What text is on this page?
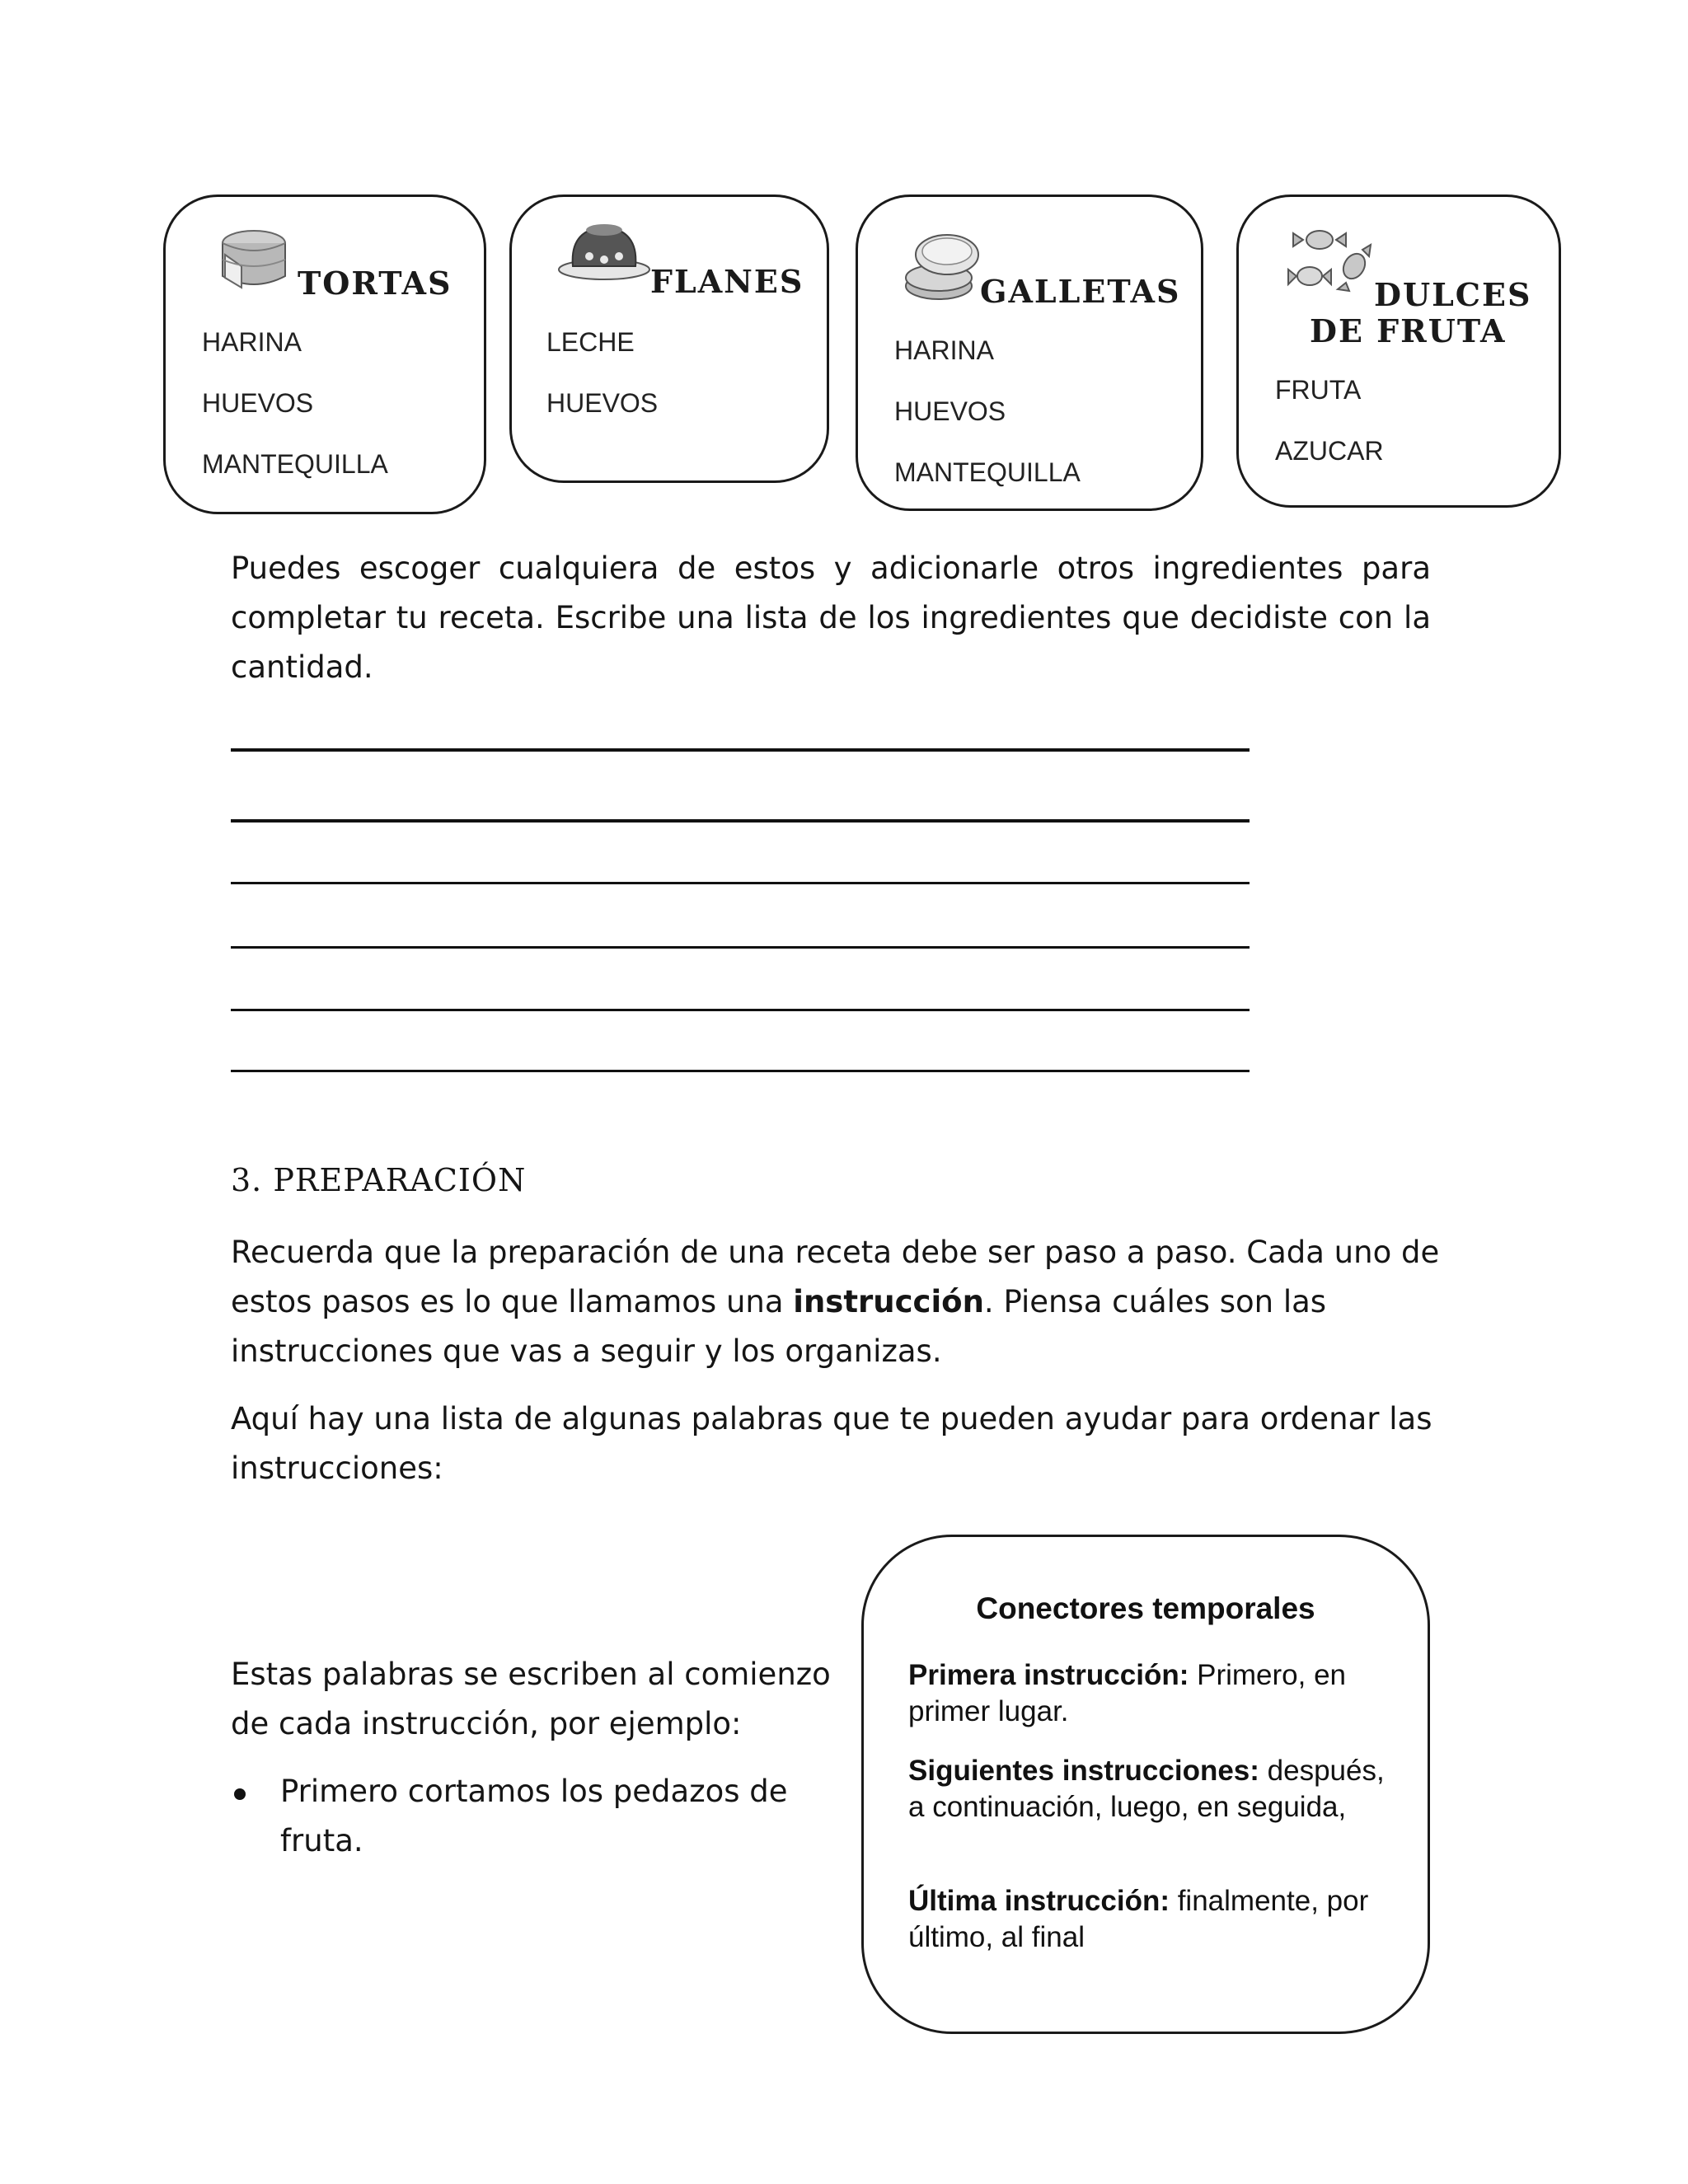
TORTAS
HARINA
HUEVOS
MANTEQUILLA
FLANES
LECHE
HUEVOS
GALLETAS
HARINA
HUEVOS
MANTEQUILLA
DULCES
DE FRUTA
FRUTA
AZUCAR
Puedes escoger cualquiera de estos y adicionarle otros ingredientes para completar tu receta. Escribe una lista de los ingredientes que decidiste con la cantidad.
3. PREPARACIÓN
Recuerda que la preparación de una receta debe ser paso a paso. Cada uno de estos pasos es lo que llamamos una instrucción. Piensa cuáles son las instrucciones que vas a seguir y los organizas.
Aquí hay una lista de algunas palabras que te pueden ayudar para ordenar las instrucciones:
Estas palabras se escriben al comienzo de cada instrucción, por ejemplo:
Primero cortamos los pedazos de fruta.
Conectores temporales
Primera instrucción: Primero, en primer lugar.
Siguientes instrucciones: después, a continuación, luego, en seguida,
Última instrucción: finalmente, por último, al final
